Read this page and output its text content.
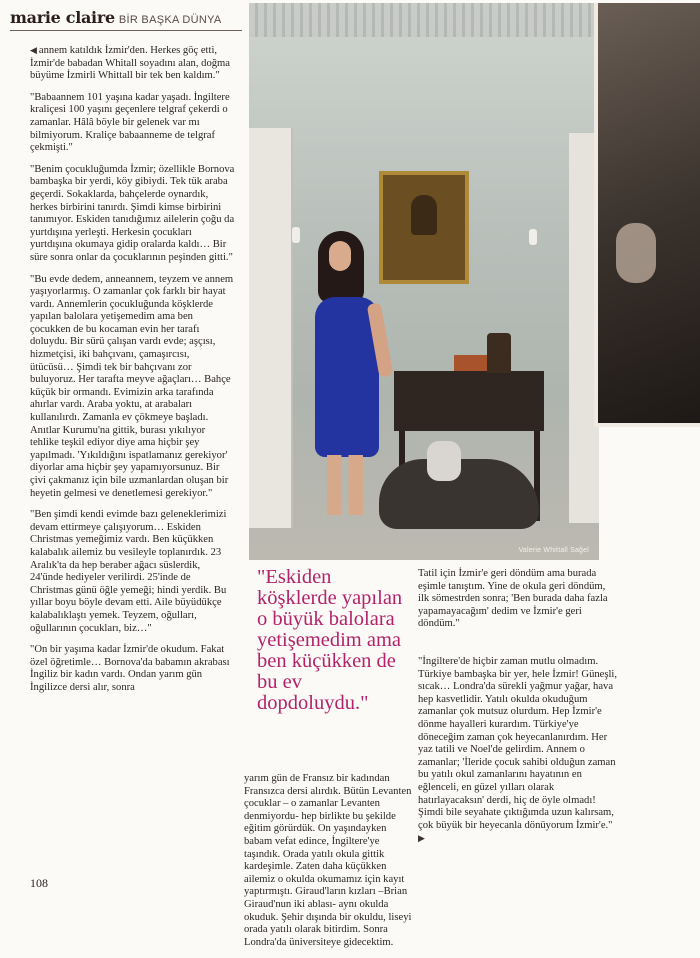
marie claire BİR BAŞKA DÜNYA

◀ annem katıldık İzmir'den. Herkes göç etti, İzmir'de babadan Whitall soyadını alan, doğma büyüme İzmirli Whittall bir tek ben kaldım."

"Babaannem 101 yaşına kadar yaşadı. İngiltere kraliçesi 100 yaşını geçenlere telgraf çekerdi o zamanlar. Hâlâ böyle bir gelenek var mı bilmiyorum. Kraliçe babaanneme de telgraf çekmişti."

"Benim çocukluğumda İzmir; özellikle Bornova bambaşka bir yerdi, köy gibiydi. Tek tük araba geçerdi. Sokaklarda, bahçelerde oynardık, herkes birbirini tanırdı. Şimdi kimse birbirini tanımıyor. Eskiden tanıdığımız ailelerin çoğu da yurtdışına yerleşti. Herkesin çocukları yurtdışına okumaya gidip oralarda kaldı… Bir süre sonra onlar da çocuklarının peşinden gitti."

"Bu evde dedem, anneannem, teyzem ve annem yaşıyorlarmış. O zamanlar çok farklı bir hayat vardı. Annemlerin çocukluğunda köşklerde yapılan balolara yetişemedim ama ben çocukken de bu kocaman evin her tarafı doluydu. Bir sürü çalışan vardı evde; aşçısı, hizmetçisi, iki bahçıvanı, çamaşırcısı, ütücüsü… Şimdi tek bir bahçıvanı zor buluyoruz. Her tarafta meyve ağaçları… Bahçe küçük bir ormandı. Evimizin arka tarafında ahırlar vardı. Araba yoktu, at arabaları kullanılırdı. Zamanla ev çökmeye başladı. Anıtlar Kurumu'na gittik, burası yıkılıyor tehlike teşkil ediyor diye ama hiçbir şey yapılmadı. 'Yıkıldığını ispatlamanız gerekiyor' diyorlar ama hiçbir şey yapamıyorsunuz. Bir çivi çakmanız için bile uzmanlardan oluşan bir heyetin gelmesi ve denetlemesi gerekiyor."

"Ben şimdi kendi evimde bazı geleneklerimizi devam ettirmeye çalışıyorum… Eskiden Christmas yemeğimiz vardı. Ben küçükken kalabalık ailemiz bu vesileyle toplanırdık. 23 Aralık'ta da hep beraber ağacı süslerdik, 24'ünde hediyeler verilirdi. 25'inde de Christmas günü öğle yemeği; hindi yerdik. Bu yıllar boyu böyle devam etti. Aile büyüdükçe kalabalıklaştı yemek. Teyzem, oğulları, oğullarının çocukları, biz…"

"On bir yaşıma kadar İzmir'de okudum. Fakat özel öğretimle… Bornova'da babamın akrabası İngiliz bir kadın vardı. Ondan yarım gün İngilizce dersi alır, sonra

Valerie Whittall Sağel
"Eskiden köşklerde yapılan o büyük balolara yetişemedim ama ben küçükken de bu ev dopdoluydu."

yarım gün de Fransız bir kadından Fransızca dersi alırdık. Bütün Levanten çocuklar – o zamanlar Levanten denmiyordu- hep birlikte bu şekilde eğitim görürdük. On yaşındayken babam vefat edince, İngiltere'ye taşındık. Orada yatılı okula gittik kardeşimle. Zaten daha küçükken ailemiz o okulda okumamız için kayıt yaptırmıştı. Giraud'ların kızları –Brian Giraud'nun iki ablası- aynı okulda okuduk. Şehir dışında bir okuldu, liseyi orada yatılı olarak bitirdim. Sonra Londra'da üniversiteye gidecektim.

Tatil için İzmir'e geri döndüm ama burada eşimle tanıştım. Yine de okula geri döndüm, ilk sömestrden sonra; 'Ben burada daha fazla yapamayacağım' dedim ve İzmir'e geri döndüm."

"İngiltere'de hiçbir zaman mutlu olmadım. Türkiye bambaşka bir yer, hele İzmir! Güneşli, sıcak… Londra'da sürekli yağmur yağar, hava hep kasvetlidir. Yatılı okulda okuduğum zamanlar çok mutsuz olurdum. Hep İzmir'e dönme hayalleri kurardım. Türkiye'ye döneceğim zaman çok heyecanlanırdım. Her yaz tatili ve Noel'de gelirdim. Annem o zamanlar; 'İleride çocuk sahibi olduğun zaman bu yatılı okul zamanlarını hayatının en eğlenceli, en güzel yılları olarak hatırlayacaksın' derdi, hiç de öyle olmadı! Şimdi bile seyahate çıktığımda uzun kalırsam, çok büyük bir heyecanla dönüyorum İzmir'e." ▶

108
